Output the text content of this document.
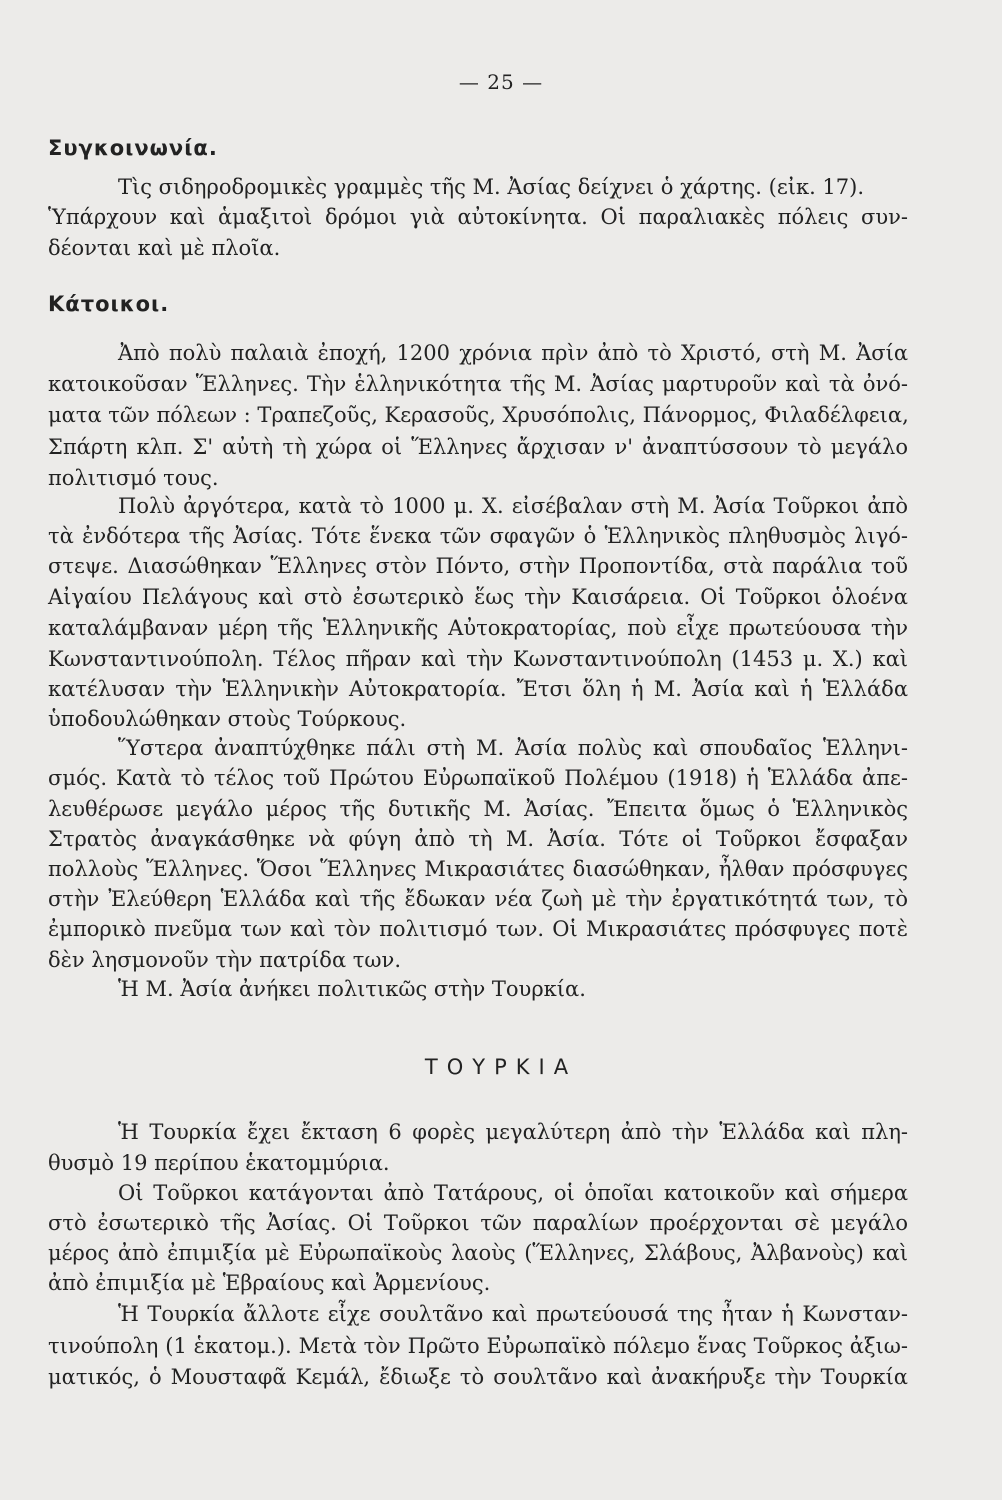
— 25 —
Συγκοινωνία.
Τὶς σιδηροδρομικὲς γραμμὲς τῆς Μ. Ἀσίας δείχνει ὁ χάρτης. (εἰκ. 17).
Ὑπάρχουν καὶ ἁμαξιτοὶ δρόμοι γιὰ αὐτοκίνητα. Οἱ παραλιακὲς πόλεις συν-
δέονται καὶ μὲ πλοῖα.
Κάτοικοι.
Ἀπὸ πολὺ παλαιὰ ἐποχή, 1200 χρόνια πρὶν ἀπὸ τὸ Χριστό, στὴ Μ. Ἀσία
κατοικοῦσαν Ἕλληνες. Τὴν ἑλληνικότητα τῆς Μ. Ἀσίας μαρτυροῦν καὶ τὰ ὀνό-
ματα τῶν πόλεων : Τραπεζοῦς, Κερασοῦς, Χρυσόπολις, Πάνορμος, Φιλαδέλφεια,
Σπάρτη κλπ. Σ' αὐτὴ τὴ χώρα οἱ Ἕλληνες ἄρχισαν ν' ἀναπτύσσουν τὸ μεγάλο
πολιτισμό τους.
Πολὺ ἀργότερα, κατὰ τὸ 1000 μ. Χ. εἰσέβαλαν στὴ Μ. Ἀσία Τοῦρκοι ἀπὸ
τὰ ἐνδότερα τῆς Ἀσίας. Τότε ἕνεκα τῶν σφαγῶν ὁ Ἑλληνικὸς πληθυσμὸς λιγό-
στεψε. Διασώθηκαν Ἕλληνες στὸν Πόντο, στὴν Προποντίδα, στὰ παράλια τοῦ
Αἰγαίου Πελάγους καὶ στὸ ἐσωτερικὸ ἕως τὴν Καισάρεια. Οἱ Τοῦρκοι ὁλοένα
καταλάμβαναν μέρη τῆς Ἑλληνικῆς Αὐτοκρατορίας, ποὺ εἶχε πρωτεύουσα τὴν
Κωνσταντινούπολη. Τέλος πῆραν καὶ τὴν Κωνσταντινούπολη (1453 μ. Χ.) καὶ
κατέλυσαν τὴν Ἑλληνικὴν Αὐτοκρατορία. Ἔτσι ὅλη ἡ Μ. Ἀσία καὶ ἡ Ἑλλάδα
ὑποδουλώθηκαν στοὺς Τούρκους.
Ὕστερα ἀναπτύχθηκε πάλι στὴ Μ. Ἀσία πολὺς καὶ σπουδαῖος Ἑλληνι-
σμός. Κατὰ τὸ τέλος τοῦ Πρώτου Εὐρωπαϊκοῦ Πολέμου (1918) ἡ Ἑλλάδα ἀπε-
λευθέρωσε μεγάλο μέρος τῆς δυτικῆς Μ. Ἀσίας. Ἔπειτα ὅμως ὁ Ἑλληνικὸς
Στρατὸς ἀναγκάσθηκε νὰ φύγη ἀπὸ τὴ Μ. Ἀσία. Τότε οἱ Τοῦρκοι ἔσφαξαν
πολλοὺς Ἕλληνες. Ὅσοι Ἕλληνες Μικρασιάτες διασώθηκαν, ἦλθαν πρόσφυγες
στὴν Ἐλεύθερη Ἑλλάδα καὶ τῆς ἔδωκαν νέα ζωὴ μὲ τὴν ἐργατικότητά των, τὸ
ἐμπορικὸ πνεῦμα των καὶ τὸν πολιτισμό των. Οἱ Μικρασιάτες πρόσφυγες ποτὲ
δὲν λησμονοῦν τὴν πατρίδα των.
Ἡ Μ. Ἀσία ἀνήκει πολιτικῶς στὴν Τουρκία.
ΤΟΥΡΚΙΑ
Ἡ Τουρκία ἔχει ἔκταση 6 φορὲς μεγαλύτερη ἀπὸ τὴν Ἑλλάδα καὶ πλη-
θυσμὸ 19 περίπου ἑκατομμύρια.
Οἱ Τοῦρκοι κατάγονται ἀπὸ Τατάρους, οἱ ὁποῖαι κατοικοῦν καὶ σήμερα
στὸ ἐσωτερικὸ τῆς Ἀσίας. Οἱ Τοῦρκοι τῶν παραλίων προέρχονται σὲ μεγάλο
μέρος ἀπὸ ἐπιμιξία μὲ Εὐρωπαϊκοὺς λαοὺς (Ἕλληνες, Σλάβους, Ἀλβανοὺς) καὶ
ἀπὸ ἐπιμιξία μὲ Ἑβραίους καὶ Ἀρμενίους.
Ἡ Τουρκία ἄλλοτε εἶχε σουλτᾶνο καὶ πρωτεύουσά της ἦταν ἡ Κωνσταν-
τινούπολη (1 ἑκατομ.). Μετὰ τὸν Πρῶτο Εὐρωπαϊκὸ πόλεμο ἕνας Τοῦρκος ἀξιω-
ματικός, ὁ Μουσταφᾶ Κεμάλ, ἔδιωξε τὸ σουλτᾶνο καὶ ἀνακήρυξε τὴν Τουρκία
